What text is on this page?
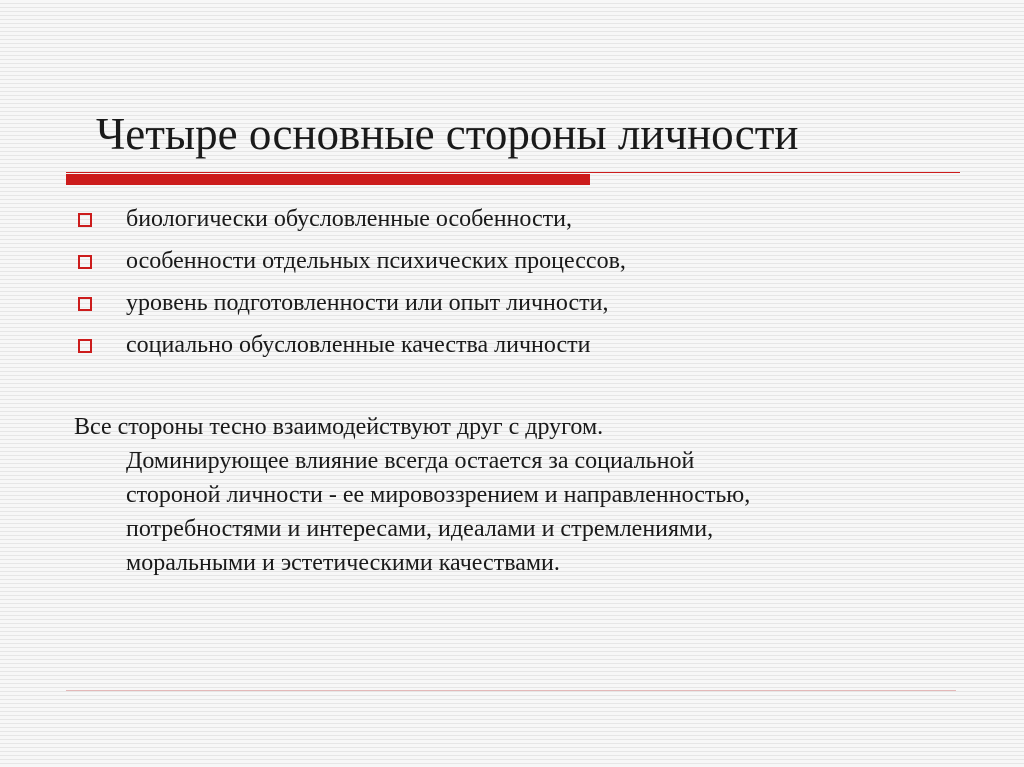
Четыре основные стороны личности
биологически обусловленные особенности,
особенности отдельных психических процессов,
уровень подготовленности или опыт личности,
социально обусловленные качества личности
Все стороны тесно взаимодействуют друг с другом.
Доминирующее влияние всегда остается за социальной
стороной личности - ее мировоззрением и направленностью,
потребностями и интересами, идеалами и стремлениями,
моральными и эстетическими качествами.
